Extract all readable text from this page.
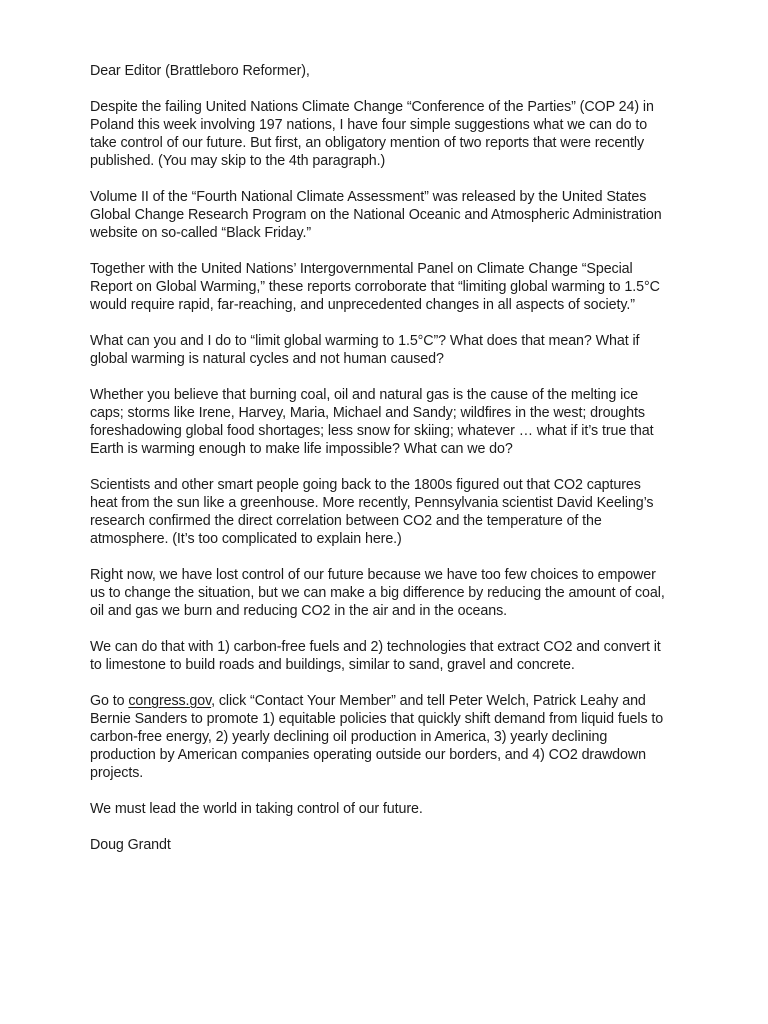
Dear Editor (Brattleboro Reformer),

Despite the failing United Nations Climate Change “Conference of the Parties” (COP 24) in Poland this week involving 197 nations, I have four simple suggestions what we can do to take control of our future. But first, an obligatory mention of two reports that were recently published. (You may skip to the 4th paragraph.)

Volume II of the “Fourth National Climate Assessment” was released by the United States Global Change Research Program on the National Oceanic and Atmospheric Administration website on so-called “Black Friday.”

Together with the United Nations’ Intergovernmental Panel on Climate Change “Special Report on Global Warming,” these reports corroborate that “limiting global warming to 1.5°C would require rapid, far-reaching, and unprecedented changes in all aspects of society.”

What can you and I do to “limit global warming to 1.5°C”? What does that mean? What if global warming is natural cycles and not human caused?

Whether you believe that burning coal, oil and natural gas is the cause of the melting ice caps; storms like Irene, Harvey, Maria, Michael and Sandy; wildfires in the west; droughts foreshadowing global food shortages; less snow for skiing; whatever … what if it’s true that Earth is warming enough to make life impossible? What can we do?

Scientists and other smart people going back to the 1800s figured out that CO2 captures heat from the sun like a greenhouse. More recently, Pennsylvania scientist David Keeling’s research confirmed the direct correlation between CO2 and the temperature of the atmosphere. (It’s too complicated to explain here.)

Right now, we have lost control of our future because we have too few choices to empower us to change the situation, but we can make a big difference by reducing the amount of coal, oil and gas we burn and reducing CO2 in the air and in the oceans.

We can do that with 1) carbon-free fuels and 2) technologies that extract CO2 and convert it to limestone to build roads and buildings, similar to sand, gravel and concrete.

Go to congress.gov, click “Contact Your Member” and tell Peter Welch, Patrick Leahy and Bernie Sanders to promote 1) equitable policies that quickly shift demand from liquid fuels to carbon-free energy, 2) yearly declining oil production in America, 3) yearly declining production by American companies operating outside our borders, and 4) CO2 drawdown projects.

We must lead the world in taking control of our future.

Doug Grandt
